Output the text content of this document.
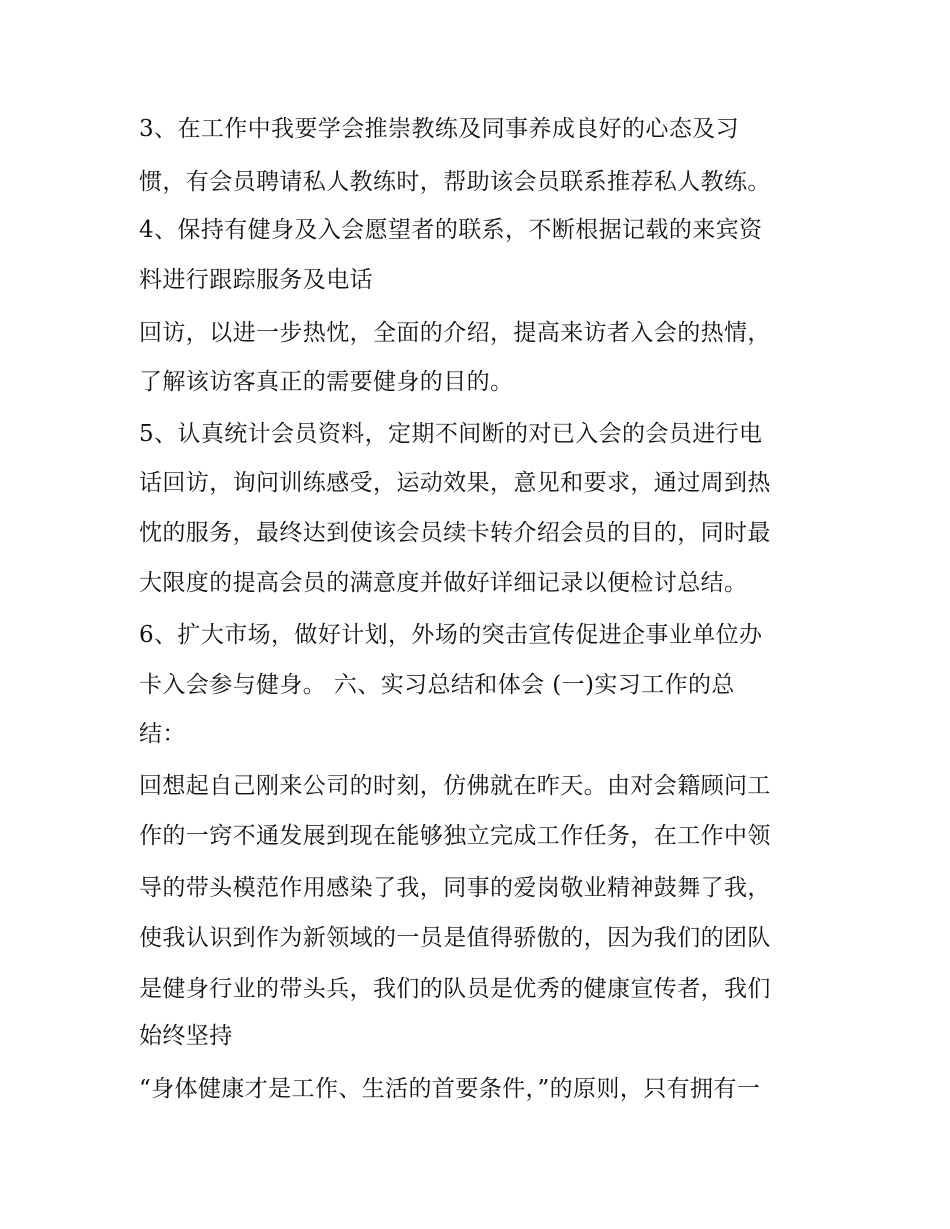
3、在工作中我要学会推崇教练及同事养成良好的心态及习
惯，有会员聘请私人教练时，帮助该会员联系推荐私人教练。
4、保持有健身及入会愿望者的联系，不断根据记载的来宾资
料进行跟踪服务及电话
回访，以进一步热忱，全面的介绍，提高来访者入会的热情，
了解该访客真正的需要健身的目的。
5、认真统计会员资料，定期不间断的对已入会的会员进行电
话回访，询问训练感受，运动效果，意见和要求，通过周到热
忱的服务，最终达到使该会员续卡转介绍会员的目的，同时最
大限度的提高会员的满意度并做好详细记录以便检讨总结。
6、扩大市场，做好计划，外场的突击宣传促进企事业单位办
卡入会参与健身。 六、实习总结和体会 (一)实习工作的总
结：
回想起自己刚来公司的时刻，仿佛就在昨天。由对会籍顾问工
作的一窍不通发展到现在能够独立完成工作任务，在工作中领
导的带头模范作用感染了我，同事的爱岗敬业精神鼓舞了我，
使我认识到作为新领域的一员是值得骄傲的，因为我们的团队
是健身行业的带头兵，我们的队员是优秀的健康宣传者，我们
始终坚持
“身体健康才是工作、生活的首要条件，”的原则，只有拥有一
